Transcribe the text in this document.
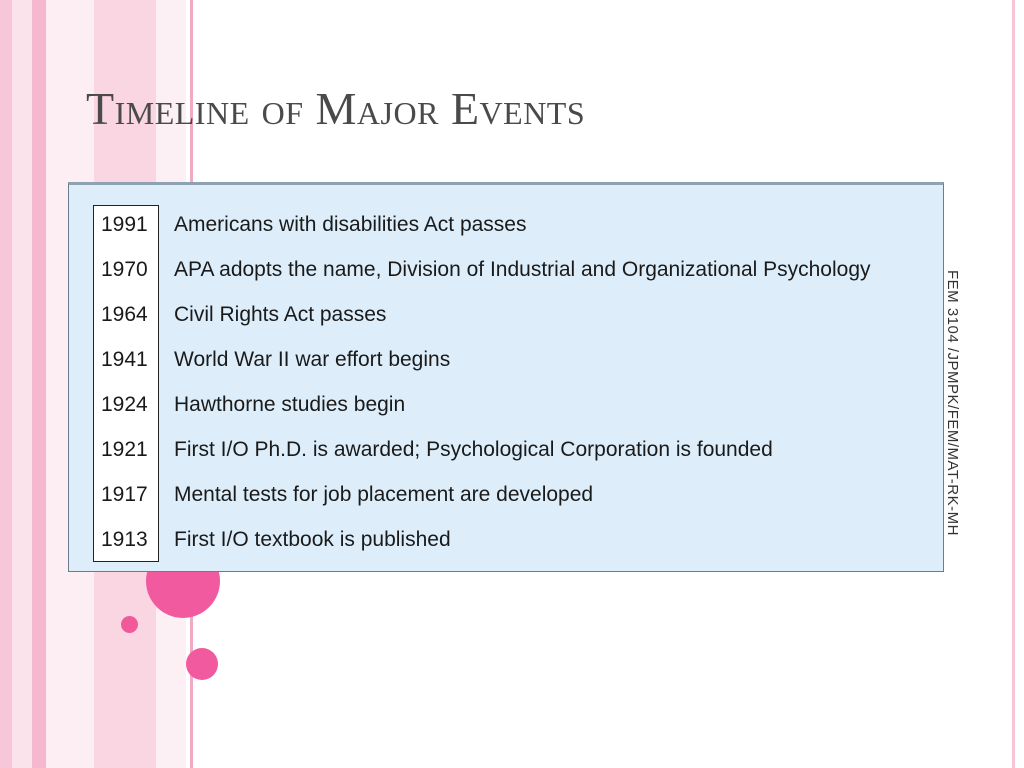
Timeline of Major Events
1991	Americans with disabilities Act passes
1970	APA adopts the name, Division of Industrial and Organizational Psychology
1964	Civil Rights Act passes
1941	World War II war effort begins
1924	Hawthorne studies begin
1921	First I/O Ph.D. is awarded; Psychological Corporation is founded
1917	Mental tests for job placement are developed
1913	First I/O textbook is published
FEM 3104 /JPMPK/FEM/MAT-RK-MH
